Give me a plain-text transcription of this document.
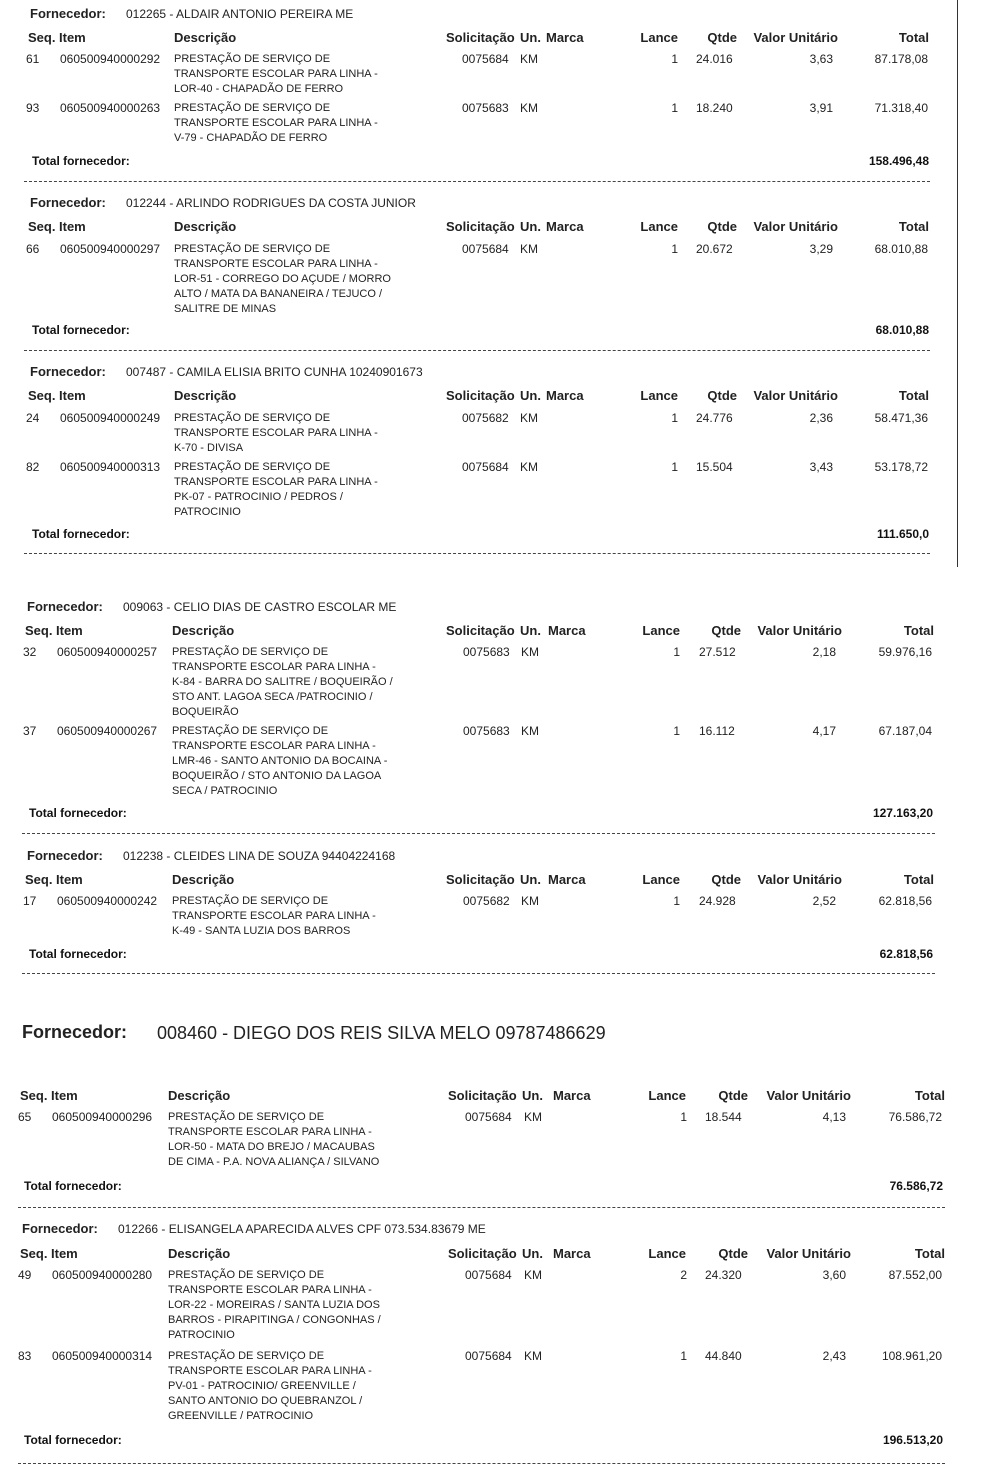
Fornecedor: 012265 - ALDAIR ANTONIO PEREIRA ME
Seq. Item	Descrição	Solicitação Un. Marca	Lance	Qtde	Valor Unitário	Total
61 060500940000292 PRESTAÇÃO DE SERVIÇO DE
TRANSPORTE ESCOLAR PARA LINHA -
LOR-40 - CHAPADÃO DE FERRO
0075684 KM	1 24.016	3,63	87.178,08
93 060500940000263 PRESTAÇÃO DE SERVIÇO DE
TRANSPORTE ESCOLAR PARA LINHA -
V-79 - CHAPADÃO DE FERRO
0075683 KM	1 18.240	3,91	71.318,40
Total fornecedor:	158.496,48
Fornecedor: 012244 - ARLINDO RODRIGUES DA COSTA JUNIOR
Seq. Item	Descrição	Solicitação Un. Marca	Lance	Qtde	Valor Unitário	Total
66 060500940000297 PRESTAÇÃO DE SERVIÇO DE
TRANSPORTE ESCOLAR PARA LINHA -
LOR-51 - CORREGO DO AÇUDE / MORRO
ALTO / MATA DA BANANEIRA / TEJUCO /
SALITRE DE MINAS
0075684 KM	1 20.672	3,29	68.010,88
Total fornecedor:	68.010,88
Fornecedor: 007487 - CAMILA ELISIA BRITO CUNHA 10240901673
Seq. Item	Descrição	Solicitação Un. Marca	Lance	Qtde	Valor Unitário	Total
24 060500940000249 PRESTAÇÃO DE SERVIÇO DE
TRANSPORTE ESCOLAR PARA LINHA -
K-70 - DIVISA
0075682 KM	1 24.776	2,36	58.471,36
82 060500940000313 PRESTAÇÃO DE SERVIÇO DE
TRANSPORTE ESCOLAR PARA LINHA -
PK-07 - PATROCINIO / PEDROS /
PATROCINIO
0075684 KM	1 15.504	3,43	53.178,72
Total fornecedor:	111.650,0
Fornecedor: 009063 - CELIO DIAS DE CASTRO ESCOLAR ME
Seq. Item	Descrição	Solicitação Un. Marca	Lance	Qtde	Valor Unitário	Total
32 060500940000257 PRESTAÇÃO DE SERVIÇO DE
TRANSPORTE ESCOLAR PARA LINHA -
K-84 - BARRA DO SALITRE / BOQUEIRÃO /
STO ANT. LAGOA SECA /PATROCINIO /
BOQUEIRÃO
0075683 KM	1 27.512	2,18	59.976,16
37 060500940000267 PRESTAÇÃO DE SERVIÇO DE
TRANSPORTE ESCOLAR PARA LINHA -
LMR-46 - SANTO ANTONIO DA BOCAINA -
BOQUEIRÃO / STO ANTONIO DA LAGOA
SECA / PATROCINIO
0075683 KM	1 16.112	4,17	67.187,04
Total fornecedor:	127.163,20
Fornecedor: 012238 - CLEIDES LINA DE SOUZA 94404224168
Seq. Item	Descrição	Solicitação Un. Marca	Lance	Qtde	Valor Unitário	Total
17 060500940000242 PRESTAÇÃO DE SERVIÇO DE
TRANSPORTE ESCOLAR PARA LINHA -
K-49 - SANTA LUZIA DOS BARROS
0075682 KM	1 24.928	2,52	62.818,56
Total fornecedor:	62.818,56
Fornecedor: 008460 - DIEGO DOS REIS SILVA MELO 09787486629
Seq. Item	Descrição	Solicitação Un. Marca	Lance	Qtde	Valor Unitário	Total
65 060500940000296 PRESTAÇÃO DE SERVIÇO DE
TRANSPORTE ESCOLAR PARA LINHA -
LOR-50 - MATA DO BREJO / MACAUBAS
DE CIMA - P.A. NOVA ALIANÇA / SILVANO
0075684 KM	1 18.544	4,13	76.586,72
Total fornecedor:	76.586,72
Fornecedor: 012266 - ELISANGELA APARECIDA ALVES CPF 073.534.83679 ME
Seq. Item	Descrição	Solicitação Un. Marca	Lance	Qtde	Valor Unitário	Total
49 060500940000280 PRESTAÇÃO DE SERVIÇO DE
TRANSPORTE ESCOLAR PARA LINHA -
LOR-22 - MOREIRAS / SANTA LUZIA DOS
BARROS - PIRAPITINGA / CONGONHAS /
PATROCINIO
0075684 KM	2 24.320	3,60	87.552,00
83 060500940000314 PRESTAÇÃO DE SERVIÇO DE
TRANSPORTE ESCOLAR PARA LINHA -
PV-01 - PATROCINIO/ GREENVILLE /
SANTO ANTONIO DO QUEBRANZOL /
GREENVILLE / PATROCINIO
0075684 KM	1 44.840	2,43	108.961,20
Total fornecedor:	196.513,20
